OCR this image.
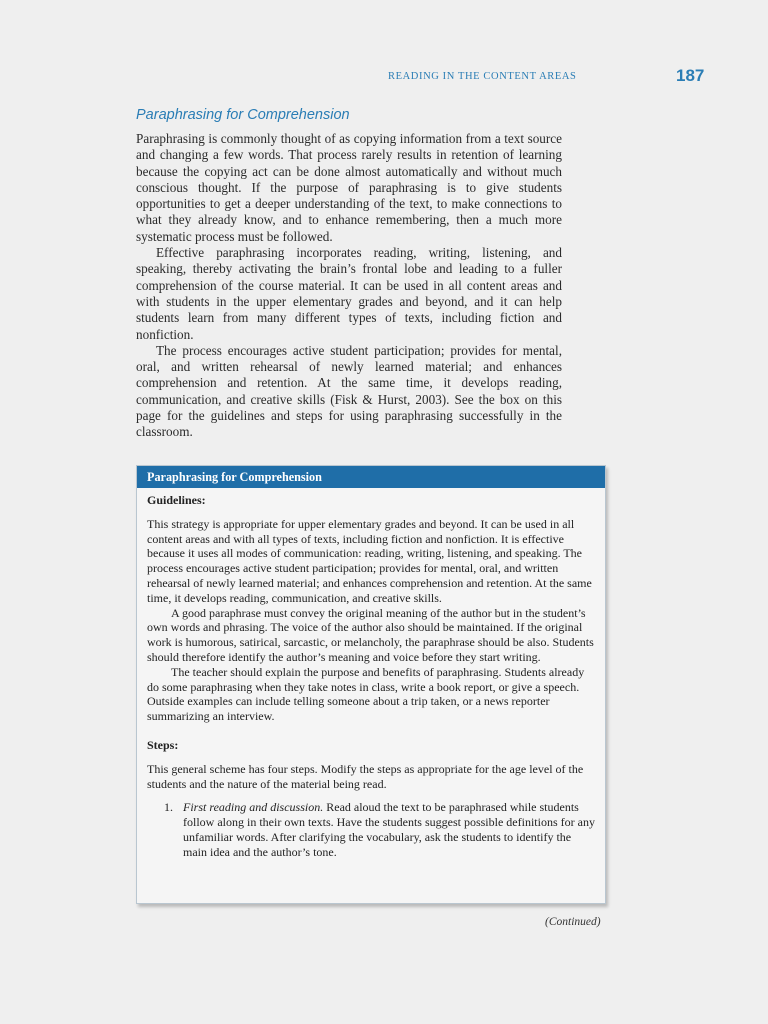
READING IN THE CONTENT AREAS	187
Paraphrasing for Comprehension

Paraphrasing is commonly thought of as copying information from a text source and changing a few words. That process rarely results in retention of learning because the copying act can be done almost automatically and without much conscious thought. If the purpose of paraphrasing is to give students opportunities to get a deeper understanding of the text, to make connections to what they already know, and to enhance remembering, then a much more systematic process must be followed.

Effective paraphrasing incorporates reading, writing, listening, and speaking, thereby activating the brain’s frontal lobe and leading to a fuller comprehension of the course material. It can be used in all content areas and with students in the upper elementary grades and beyond, and it can help students learn from many different types of texts, including fiction and nonfiction.

The process encourages active student participation; provides for mental, oral, and written rehearsal of newly learned material; and enhances comprehension and retention. At the same time, it develops reading, communication, and creative skills (Fisk & Hurst, 2003). See the box on this page for the guidelines and steps for using paraphrasing successfully in the classroom.

Paraphrasing for Comprehension
Guidelines:

This strategy is appropriate for upper elementary grades and beyond. It can be used in all content areas and with all types of texts, including fiction and nonfiction. It is effective because it uses all modes of communication: reading, writing, listening, and speaking. The process encourages active student participation; provides for mental, oral, and written rehearsal of newly learned material; and enhances comprehension and retention. At the same time, it develops reading, communication, and creative skills.

A good paraphrase must convey the original meaning of the author but in the student’s own words and phrasing. The voice of the author also should be maintained. If the original work is humorous, satirical, sarcastic, or melancholy, the paraphrase should be also. Students should therefore identify the author’s meaning and voice before they start writing.

The teacher should explain the purpose and benefits of paraphrasing. Students already do some paraphrasing when they take notes in class, write a book report, or give a speech. Outside examples can include telling someone about a trip taken, or a news reporter summarizing an interview.

Steps:

This general scheme has four steps. Modify the steps as appropriate for the age level of the students and the nature of the material being read.

1. First reading and discussion. Read aloud the text to be paraphrased while students follow along in their own texts. Have the students suggest possible definitions for any unfamiliar words. After clarifying the vocabulary, ask the students to identify the main idea and the author’s tone.
(Continued)
